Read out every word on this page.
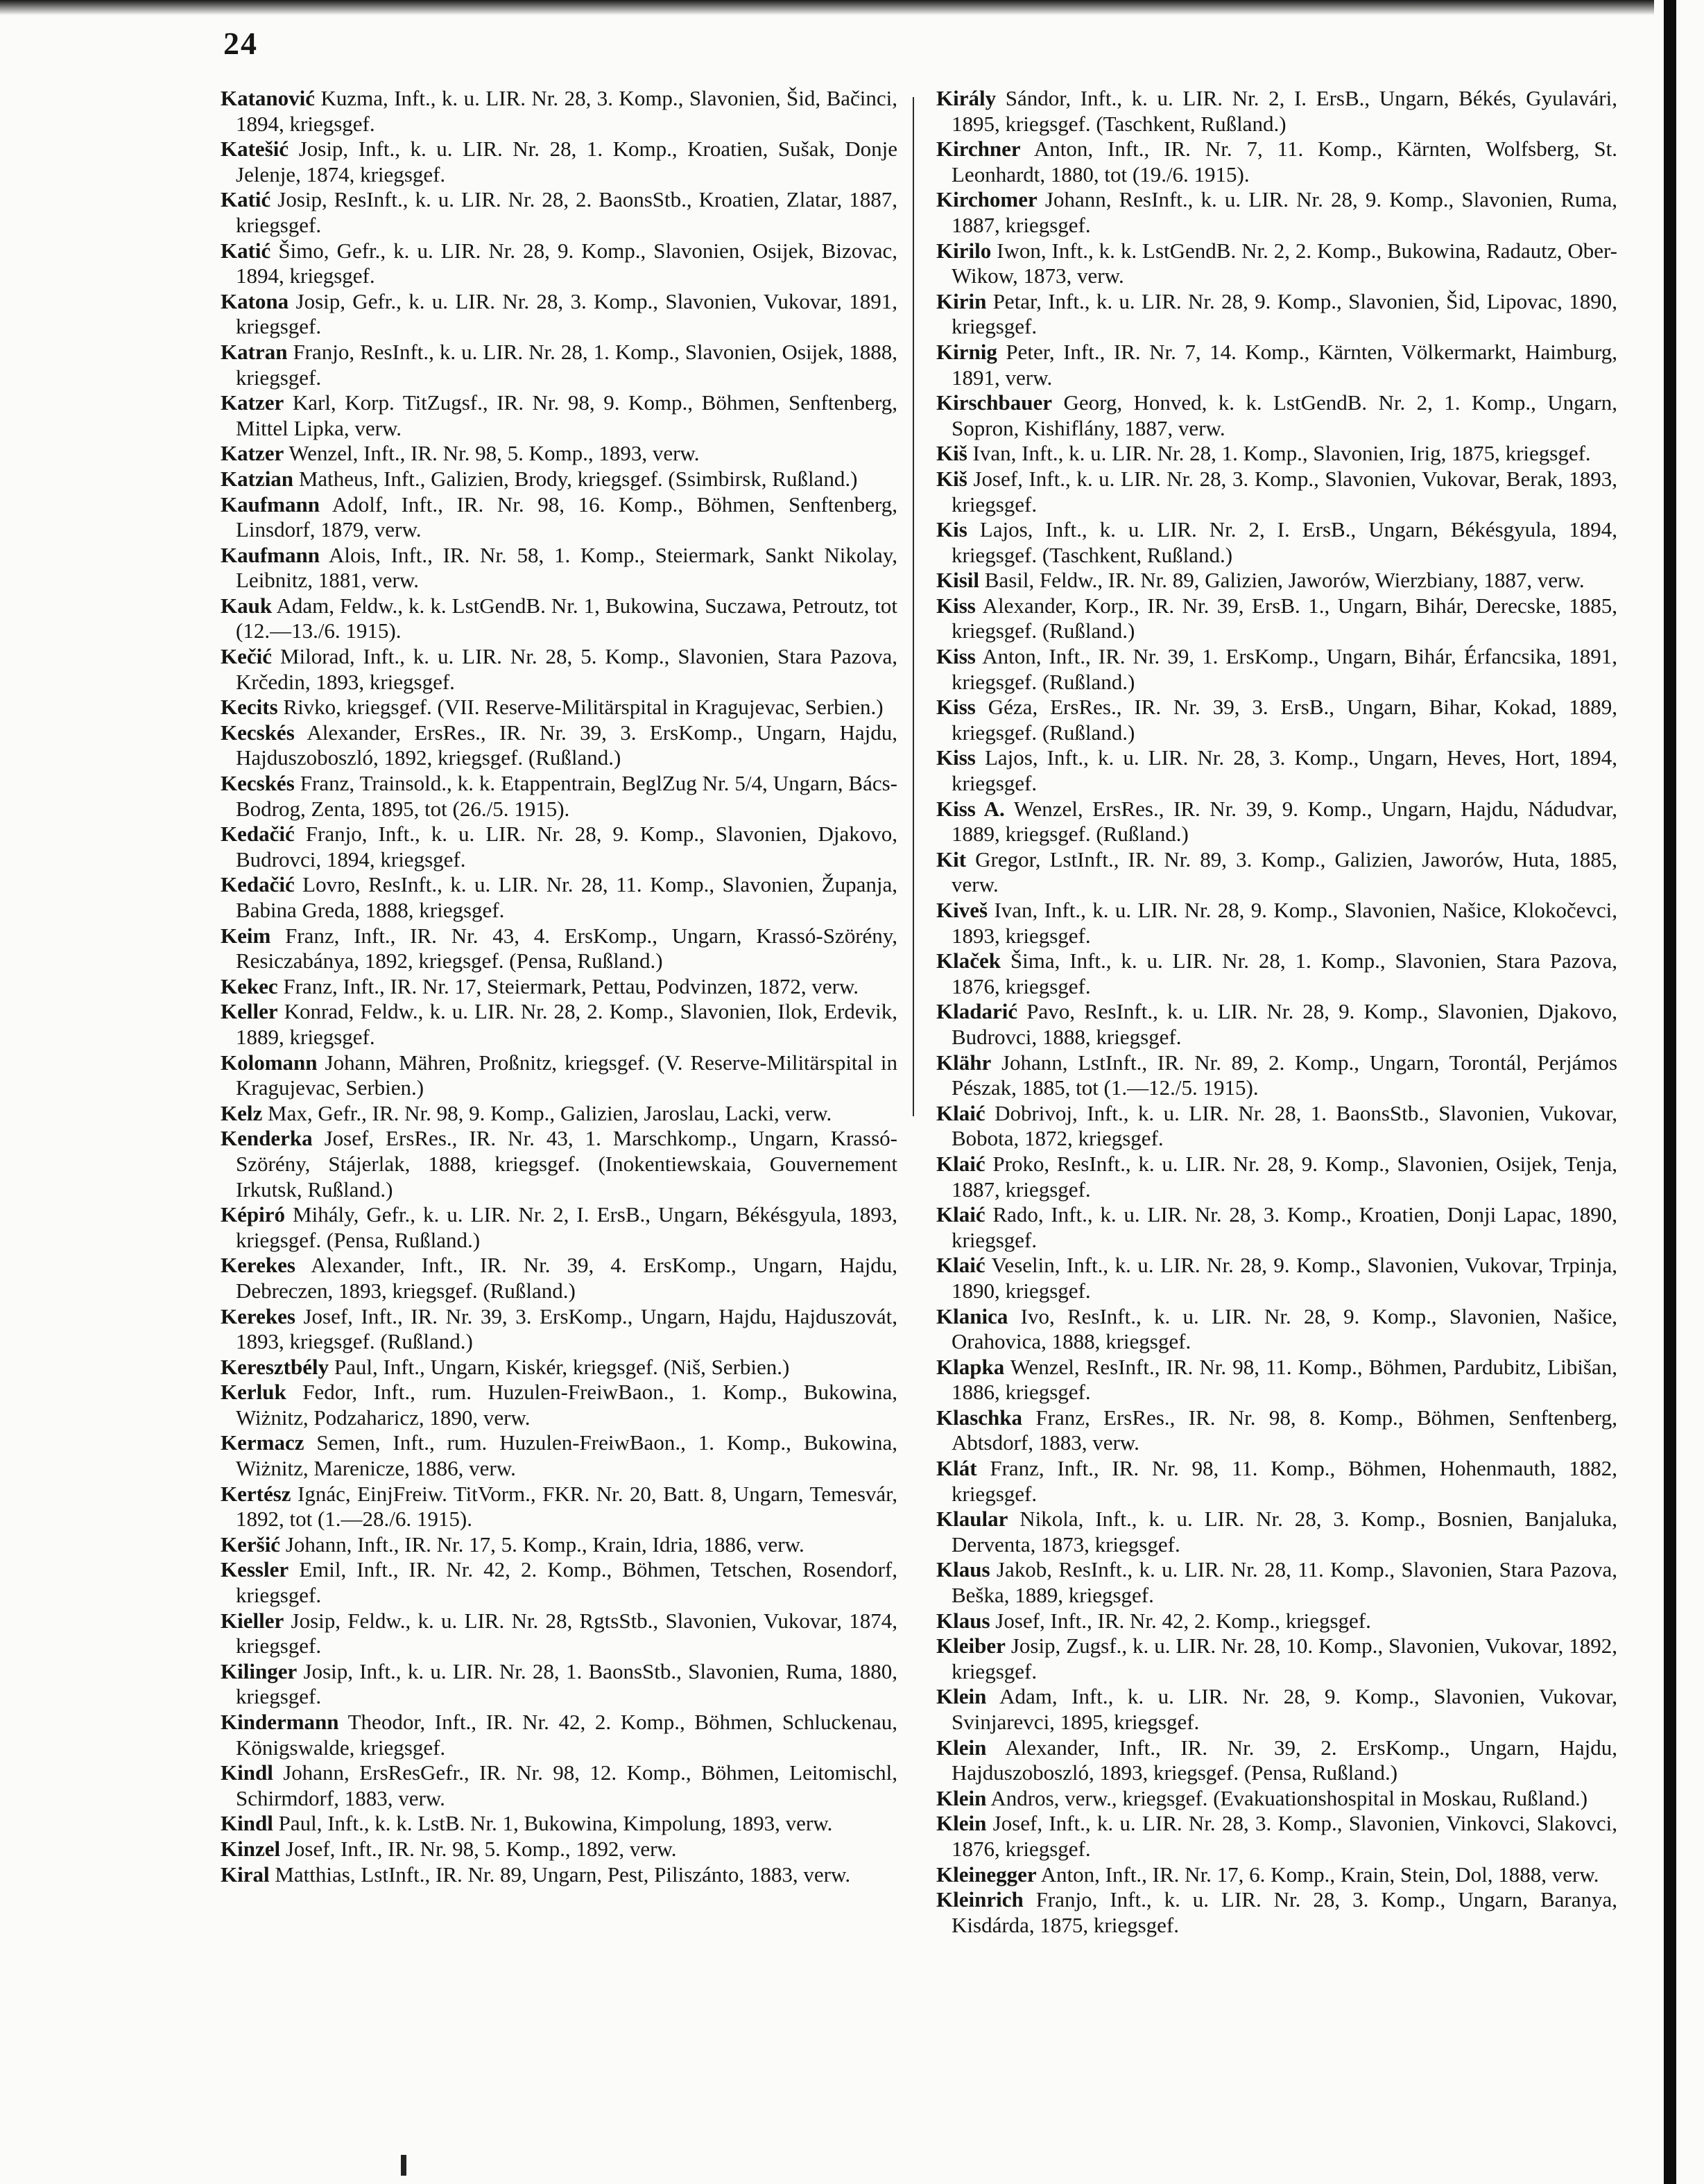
24

Katanović Kuzma, Inft., k. u. LIR. Nr. 28, 3. Komp., Slavonien, Šid, Bačinci, 1894, kriegsgef.

Katešić Josip, Inft., k. u. LIR. Nr. 28, 1. Komp., Kroatien, Sušak, Donje Jelenje, 1874, kriegsgef.

Katić Josip, ResInft., k. u. LIR. Nr. 28, 2. BaonsStb., Kroatien, Zlatar, 1887, kriegsgef.

Katić Šimo, Gefr., k. u. LIR. Nr. 28, 9. Komp., Slavonien, Osijek, Bizovac, 1894, kriegsgef.

Katona Josip, Gefr., k. u. LIR. Nr. 28, 3. Komp., Slavonien, Vukovar, 1891, kriegsgef.

Katran Franjo, ResInft., k. u. LIR. Nr. 28, 1. Komp., Slavonien, Osijek, 1888, kriegsgef.

Katzer Karl, Korp. TitZugsf., IR. Nr. 98, 9. Komp., Böhmen, Senftenberg, Mittel Lipka, verw.

Katzer Wenzel, Inft., IR. Nr. 98, 5. Komp., 1893, verw.

Katzian Matheus, Inft., Galizien, Brody, kriegsgef. (Ssimbirsk, Rußland.)

Kaufmann Adolf, Inft., IR. Nr. 98, 16. Komp., Böhmen, Senftenberg, Linsdorf, 1879, verw.

Kaufmann Alois, Inft., IR. Nr. 58, 1. Komp., Steiermark, Sankt Nikolay, Leibnitz, 1881, verw.

Kauk Adam, Feldw., k. k. LstGendB. Nr. 1, Bukowina, Suczawa, Petroutz, tot (12.—13./6. 1915).

Kečić Milorad, Inft., k. u. LIR. Nr. 28, 5. Komp., Slavonien, Stara Pazova, Krčedin, 1893, kriegsgef.

Kecits Rivko, kriegsgef. (VII. Reserve-Militärspital in Kragujevac, Serbien.)

Kecskés Alexander, ErsRes., IR. Nr. 39, 3. ErsKomp., Ungarn, Hajdu, Hajduszoboszló, 1892, kriegsgef. (Rußland.)

Kecskés Franz, Trainsold., k. k. Etappentrain, BeglZug Nr. 5/4, Ungarn, Bács-Bodrog, Zenta, 1895, tot (26./5. 1915).

Kedačić Franjo, Inft., k. u. LIR. Nr. 28, 9. Komp., Slavonien, Djakovo, Budrovci, 1894, kriegsgef.

Kedačić Lovro, ResInft., k. u. LIR. Nr. 28, 11. Komp., Slavonien, Županja, Babina Greda, 1888, kriegsgef.

Keim Franz, Inft., IR. Nr. 43, 4. ErsKomp., Ungarn, Krassó-Szörény, Resiczabánya, 1892, kriegsgef. (Pensa, Rußland.)

Kekec Franz, Inft., IR. Nr. 17, Steiermark, Pettau, Podvinzen, 1872, verw.

Keller Konrad, Feldw., k. u. LIR. Nr. 28, 2. Komp., Slavonien, Ilok, Erdevik, 1889, kriegsgef.

Kolomann Johann, Mähren, Proßnitz, kriegsgef. (V. Reserve-Militärspital in Kragujevac, Serbien.)

Kelz Max, Gefr., IR. Nr. 98, 9. Komp., Galizien, Jaroslau, Lacki, verw.

Kenderka Josef, ErsRes., IR. Nr. 43, 1. Marschkomp., Ungarn, Krassó-Szörény, Stájerlak, 1888, kriegsgef. (Inokentiewskaia, Gouvernement Irkutsk, Rußland.)

Képiró Mihály, Gefr., k. u. LIR. Nr. 2, I. ErsB., Ungarn, Békésgyula, 1893, kriegsgef. (Pensa, Rußland.)

Kerekes Alexander, Inft., IR. Nr. 39, 4. ErsKomp., Ungarn, Hajdu, Debreczen, 1893, kriegsgef. (Rußland.)

Kerekes Josef, Inft., IR. Nr. 39, 3. ErsKomp., Ungarn, Hajdu, Hajduszovát, 1893, kriegsgef. (Rußland.)

Keresztbély Paul, Inft., Ungarn, Kiskér, kriegsgef. (Niš, Serbien.)

Kerluk Fedor, Inft., rum. Huzulen-FreiwBaon., 1. Komp., Bukowina, Wiżnitz, Podzaharicz, 1890, verw.

Kermacz Semen, Inft., rum. Huzulen-FreiwBaon., 1. Komp., Bukowina, Wiżnitz, Marenicze, 1886, verw.

Kertész Ignác, EinjFreiw. TitVorm., FKR. Nr. 20, Batt. 8, Ungarn, Temesvár, 1892, tot (1.—28./6. 1915).

Keršić Johann, Inft., IR. Nr. 17, 5. Komp., Krain, Idria, 1886, verw.

Kessler Emil, Inft., IR. Nr. 42, 2. Komp., Böhmen, Tetschen, Rosendorf, kriegsgef.

Kieller Josip, Feldw., k. u. LIR. Nr. 28, RgtsStb., Slavonien, Vukovar, 1874, kriegsgef.

Kilinger Josip, Inft., k. u. LIR. Nr. 28, 1. BaonsStb., Slavonien, Ruma, 1880, kriegsgef.

Kindermann Theodor, Inft., IR. Nr. 42, 2. Komp., Böhmen, Schluckenau, Königswalde, kriegsgef.

Kindl Johann, ErsResGefr., IR. Nr. 98, 12. Komp., Böhmen, Leitomischl, Schirmdorf, 1883, verw.

Kindl Paul, Inft., k. k. LstB. Nr. 1, Bukowina, Kimpolung, 1893, verw.

Kinzel Josef, Inft., IR. Nr. 98, 5. Komp., 1892, verw.

Kiral Matthias, LstInft., IR. Nr. 89, Ungarn, Pest, Piliszánto, 1883, verw.

Király Sándor, Inft., k. u. LIR. Nr. 2, I. ErsB., Ungarn, Békés, Gyulavári, 1895, kriegsgef. (Taschkent, Rußland.)

Kirchner Anton, Inft., IR. Nr. 7, 11. Komp., Kärnten, Wolfsberg, St. Leonhardt, 1880, tot (19./6. 1915).

Kirchomer Johann, ResInft., k. u. LIR. Nr. 28, 9. Komp., Slavonien, Ruma, 1887, kriegsgef.

Kirilo Iwon, Inft., k. k. LstGendB. Nr. 2, 2. Komp., Bukowina, Radautz, Ober-Wikow, 1873, verw.

Kirin Petar, Inft., k. u. LIR. Nr. 28, 9. Komp., Slavonien, Šid, Lipovac, 1890, kriegsgef.

Kirnig Peter, Inft., IR. Nr. 7, 14. Komp., Kärnten, Völkermarkt, Haimburg, 1891, verw.

Kirschbauer Georg, Honved, k. k. LstGendB. Nr. 2, 1. Komp., Ungarn, Sopron, Kishiflány, 1887, verw.

Kiš Ivan, Inft., k. u. LIR. Nr. 28, 1. Komp., Slavonien, Irig, 1875, kriegsgef.

Kiš Josef, Inft., k. u. LIR. Nr. 28, 3. Komp., Slavonien, Vukovar, Berak, 1893, kriegsgef.

Kis Lajos, Inft., k. u. LIR. Nr. 2, I. ErsB., Ungarn, Békésgyula, 1894, kriegsgef. (Taschkent, Rußland.)

Kisil Basil, Feldw., IR. Nr. 89, Galizien, Jaworów, Wierzbiany, 1887, verw.

Kiss Alexander, Korp., IR. Nr. 39, ErsB. 1., Ungarn, Bihár, Derecske, 1885, kriegsgef. (Rußland.)

Kiss Anton, Inft., IR. Nr. 39, 1. ErsKomp., Ungarn, Bihár, Érfancsika, 1891, kriegsgef. (Rußland.)

Kiss Géza, ErsRes., IR. Nr. 39, 3. ErsB., Ungarn, Bihar, Kokad, 1889, kriegsgef. (Rußland.)

Kiss Lajos, Inft., k. u. LIR. Nr. 28, 3. Komp., Ungarn, Heves, Hort, 1894, kriegsgef.

Kiss A. Wenzel, ErsRes., IR. Nr. 39, 9. Komp., Ungarn, Hajdu, Nádudvar, 1889, kriegsgef. (Rußland.)

Kit Gregor, LstInft., IR. Nr. 89, 3. Komp., Galizien, Jaworów, Huta, 1885, verw.

Kiveš Ivan, Inft., k. u. LIR. Nr. 28, 9. Komp., Slavonien, Našice, Klokočevci, 1893, kriegsgef.

Klaček Šima, Inft., k. u. LIR. Nr. 28, 1. Komp., Slavonien, Stara Pazova, 1876, kriegsgef.

Kladarić Pavo, ResInft., k. u. LIR. Nr. 28, 9. Komp., Slavonien, Djakovo, Budrovci, 1888, kriegsgef.

Klähr Johann, LstInft., IR. Nr. 89, 2. Komp., Ungarn, Torontál, Perjámos Pészak, 1885, tot (1.—12./5. 1915).

Klaić Dobrivoj, Inft., k. u. LIR. Nr. 28, 1. BaonsStb., Slavonien, Vukovar, Bobota, 1872, kriegsgef.

Klaić Proko, ResInft., k. u. LIR. Nr. 28, 9. Komp., Slavonien, Osijek, Tenja, 1887, kriegsgef.

Klaić Rado, Inft., k. u. LIR. Nr. 28, 3. Komp., Kroatien, Donji Lapac, 1890, kriegsgef.

Klaić Veselin, Inft., k. u. LIR. Nr. 28, 9. Komp., Slavonien, Vukovar, Trpinja, 1890, kriegsgef.

Klanica Ivo, ResInft., k. u. LIR. Nr. 28, 9. Komp., Slavonien, Našice, Orahovica, 1888, kriegsgef.

Klapka Wenzel, ResInft., IR. Nr. 98, 11. Komp., Böhmen, Pardubitz, Libišan, 1886, kriegsgef.

Klaschka Franz, ErsRes., IR. Nr. 98, 8. Komp., Böhmen, Senftenberg, Abtsdorf, 1883, verw.

Klát Franz, Inft., IR. Nr. 98, 11. Komp., Böhmen, Hohenmauth, 1882, kriegsgef.

Klaular Nikola, Inft., k. u. LIR. Nr. 28, 3. Komp., Bosnien, Banjaluka, Derventa, 1873, kriegsgef.

Klaus Jakob, ResInft., k. u. LIR. Nr. 28, 11. Komp., Slavonien, Stara Pazova, Beška, 1889, kriegsgef.

Klaus Josef, Inft., IR. Nr. 42, 2. Komp., kriegsgef.

Kleiber Josip, Zugsf., k. u. LIR. Nr. 28, 10. Komp., Slavonien, Vukovar, 1892, kriegsgef.

Klein Adam, Inft., k. u. LIR. Nr. 28, 9. Komp., Slavonien, Vukovar, Svinjarevci, 1895, kriegsgef.

Klein Alexander, Inft., IR. Nr. 39, 2. ErsKomp., Ungarn, Hajdu, Hajduszoboszló, 1893, kriegsgef. (Pensa, Rußland.)

Klein Andros, verw., kriegsgef. (Evakuationshospital in Moskau, Rußland.)

Klein Josef, Inft., k. u. LIR. Nr. 28, 3. Komp., Slavonien, Vinkovci, Slakovci, 1876, kriegsgef.

Kleinegger Anton, Inft., IR. Nr. 17, 6. Komp., Krain, Stein, Dol, 1888, verw.

Kleinrich Franjo, Inft., k. u. LIR. Nr. 28, 3. Komp., Ungarn, Baranya, Kisdárda, 1875, kriegsgef.
